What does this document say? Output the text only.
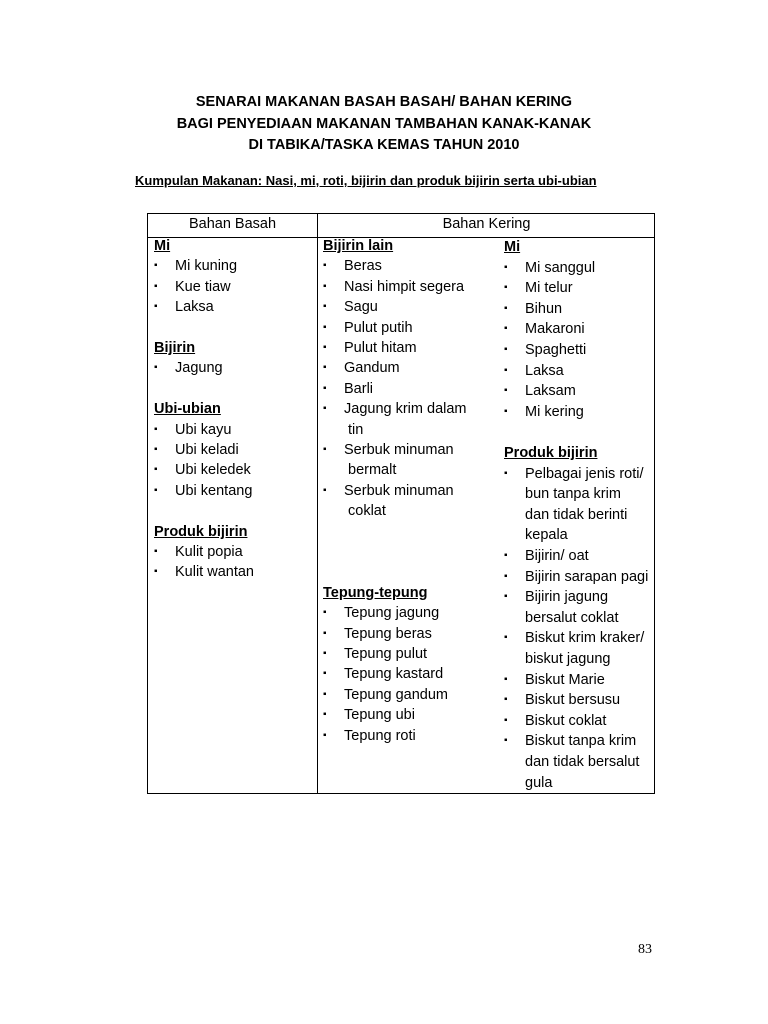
SENARAI MAKANAN BASAH BASAH/ BAHAN KERING
BAGI PENYEDIAAN MAKANAN TAMBAHAN KANAK-KANAK
DI TABIKA/TASKA KEMAS TAHUN 2010
Kumpulan Makanan: Nasi, mi, roti, bijirin dan produk bijirin serta ubi-ubian
Bahan Basah	Bahan Kering
Mi
▪ Mi kuning
▪ Kue tiaw
▪ Laksa
Bijirin
▪ Jagung
Ubi-ubian
▪ Ubi kayu
▪ Ubi keladi
▪ Ubi keledek
▪ Ubi kentang
Produk bijirin
▪ Kulit popia
▪ Kulit wantan
Bijirin lain
▪ Beras
▪ Nasi himpit segera
▪ Sagu
▪ Pulut putih
▪ Pulut hitam
▪ Gandum
▪ Barli
▪ Jagung krim dalam
tin
▪ Serbuk minuman
bermalt
▪ Serbuk minuman
coklat
Tepung-tepung
▪ Tepung jagung
▪ Tepung beras
▪ Tepung pulut
▪ Tepung kastard
▪ Tepung gandum
▪ Tepung ubi
▪ Tepung roti
Mi
▪ Mi sanggul
▪ Mi telur
▪ Bihun
▪ Makaroni
▪ Spaghetti
▪ Laksa
▪ Laksam
▪ Mi kering
Produk bijirin
▪ Pelbagai jenis roti/
bun tanpa krim
dan tidak berinti
kepala
▪ Bijirin/ oat
▪ Bijirin sarapan pagi
▪ Bijirin jagung
bersalut coklat
▪ Biskut krim kraker/
biskut jagung
▪ Biskut Marie
▪ Biskut bersusu
▪ Biskut coklat
▪ Biskut tanpa krim
dan tidak bersalut
gula
83
